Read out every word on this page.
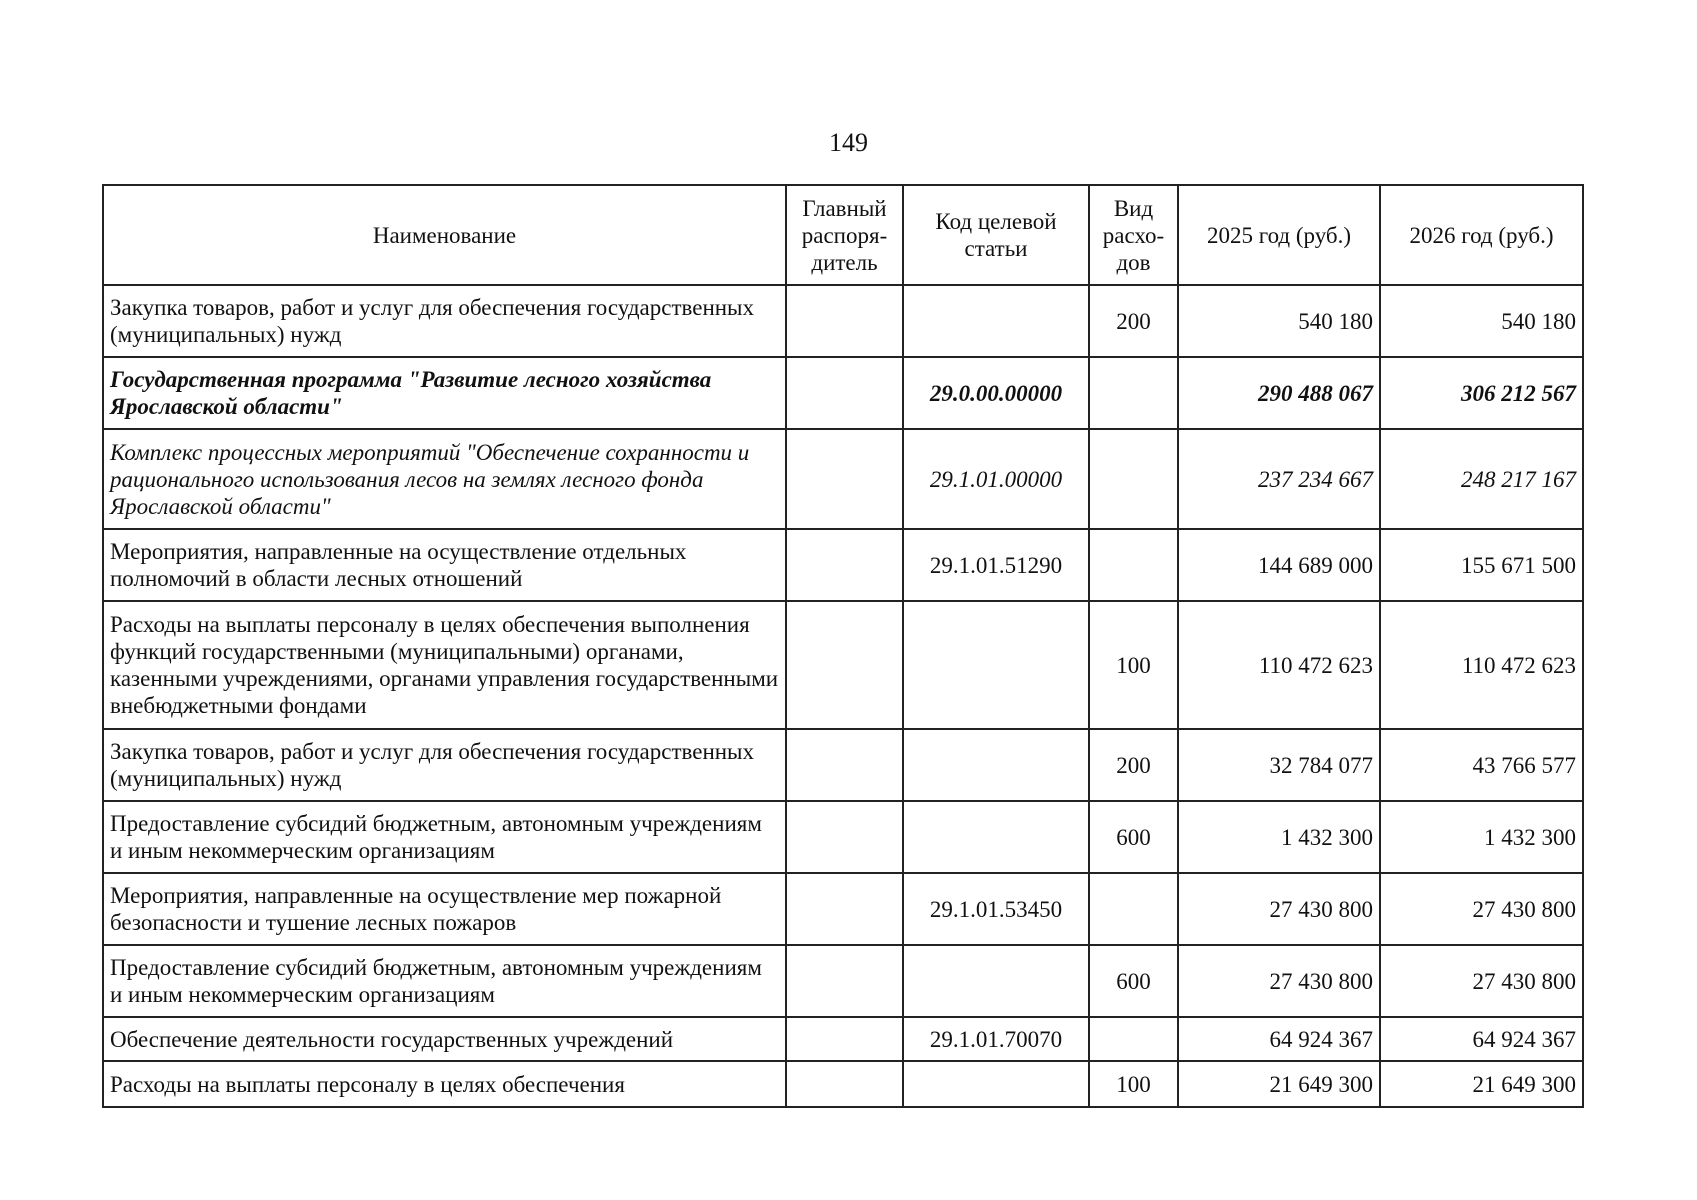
149
Наименование	Главный распоря-дитель	Код целевой статьи	Вид расхо-дов	2025 год (руб.)	2026 год (руб.)
Закупка товаров, работ и услуг для обеспечения государственных (муниципальных) нужд			200	540 180	540 180
Государственная программа "Развитие лесного хозяйства Ярославской области"		29.0.00.00000		290 488 067	306 212 567
Комплекс процессных мероприятий "Обеспечение сохранности и рационального использования лесов на землях лесного фонда Ярославской области"		29.1.01.00000		237 234 667	248 217 167
Мероприятия, направленные на осуществление отдельных полномочий в области лесных отношений		29.1.01.51290		144 689 000	155 671 500
Расходы на выплаты персоналу в целях обеспечения выполнения функций государственными (муниципальными) органами, казенными учреждениями, органами управления государственными внебюджетными фондами			100	110 472 623	110 472 623
Закупка товаров, работ и услуг для обеспечения государственных (муниципальных) нужд			200	32 784 077	43 766 577
Предоставление субсидий бюджетным, автономным учреждениям и иным некоммерческим организациям			600	1 432 300	1 432 300
Мероприятия, направленные на осуществление мер пожарной безопасности и тушение лесных пожаров		29.1.01.53450		27 430 800	27 430 800
Предоставление субсидий бюджетным, автономным учреждениям и иным некоммерческим организациям			600	27 430 800	27 430 800
Обеспечение деятельности государственных учреждений		29.1.01.70070		64 924 367	64 924 367
Расходы на выплаты персоналу в целях обеспечения			100	21 649 300	21 649 300
